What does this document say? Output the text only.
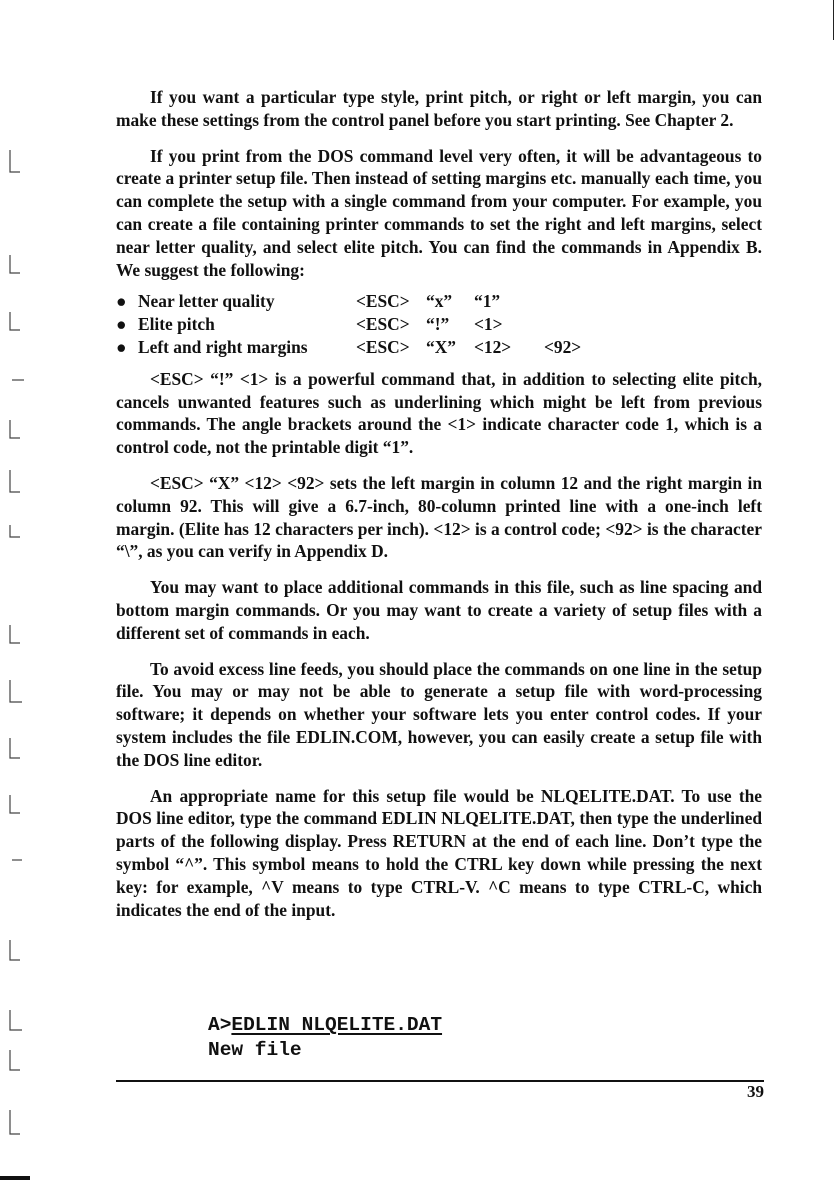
If you want a particular type style, print pitch, or right or left margin, you can make these settings from the control panel before you start printing. See Chapter 2.

If you print from the DOS command level very often, it will be advantageous to create a printer setup file. Then instead of setting margins etc. manually each time, you can complete the setup with a single command from your computer. For example, you can create a file containing printer commands to set the right and left margins, select near letter quality, and select elite pitch. You can find the commands in Appendix B. We suggest the following:

● Near letter quality	<ESC> “x”	“1”
● Elite pitch	<ESC> “!”	<1>
● Left and right margins	<ESC> “X”	<12>	<92>

<ESC> “!” <1> is a powerful command that, in addition to selecting elite pitch, cancels unwanted features such as underlining which might be left from previous commands. The angle brackets around the <1> indicate character code 1, which is a control code, not the printable digit “1”.

<ESC> “X” <12> <92> sets the left margin in column 12 and the right margin in column 92. This will give a 6.7-inch, 80-column printed line with a one-inch left margin. (Elite has 12 characters per inch). <12> is a control code; <92> is the character “\”, as you can verify in Appendix D.

You may want to place additional commands in this file, such as line spacing and bottom margin commands. Or you may want to create a variety of setup files with a different set of commands in each.

To avoid excess line feeds, you should place the commands on one line in the setup file. You may or may not be able to generate a setup file with word-processing software; it depends on whether your software lets you enter control codes. If your system includes the file EDLIN.COM, however, you can easily create a setup file with the DOS line editor.

An appropriate name for this setup file would be NLQELITE.DAT. To use the DOS line editor, type the command EDLIN NLQELITE.DAT, then type the underlined parts of the following display. Press RETURN at the end of each line. Don’t type the symbol “^”. This symbol means to hold the CTRL key down while pressing the next key: for example, ^V means to type CTRL-V. ^C means to type CTRL-C, which indicates the end of the input.

A>EDLIN NLQELITE.DAT
New file
39
